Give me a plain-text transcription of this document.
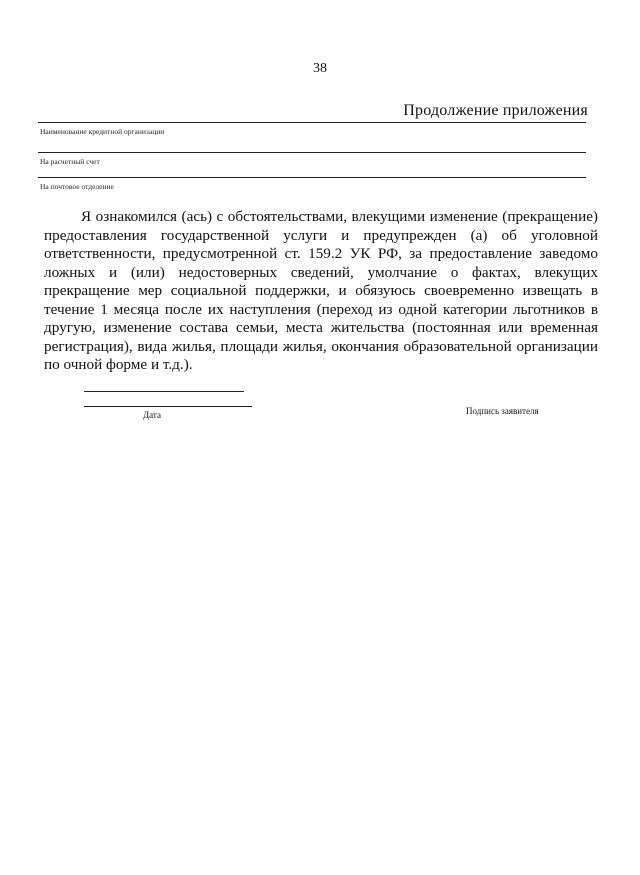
38
Продолжение приложения
Наименование кредитной организации
На расчетный счет
На почтовое отделение

Я ознакомился (ась) с обстоятельствами, влекущими изменение (прекращение) предоставления государственной услуги и предупрежден (а) об уголовной ответственности, предусмотренной ст. 159.2 УК РФ, за предоставление заведомо ложных и (или) недостоверных сведений, умолчание о фактах, влекущих прекращение мер социальной поддержки, и обязуюсь своевременно извещать в течение 1 месяца после их наступления (переход из одной категории льготников в другую, изменение состава семьи, места жительства (постоянная или временная регистрация), вида жилья, площади жилья, окончания образовательной организации по очной форме и т.д.).

Дата	Подпись заявителя
